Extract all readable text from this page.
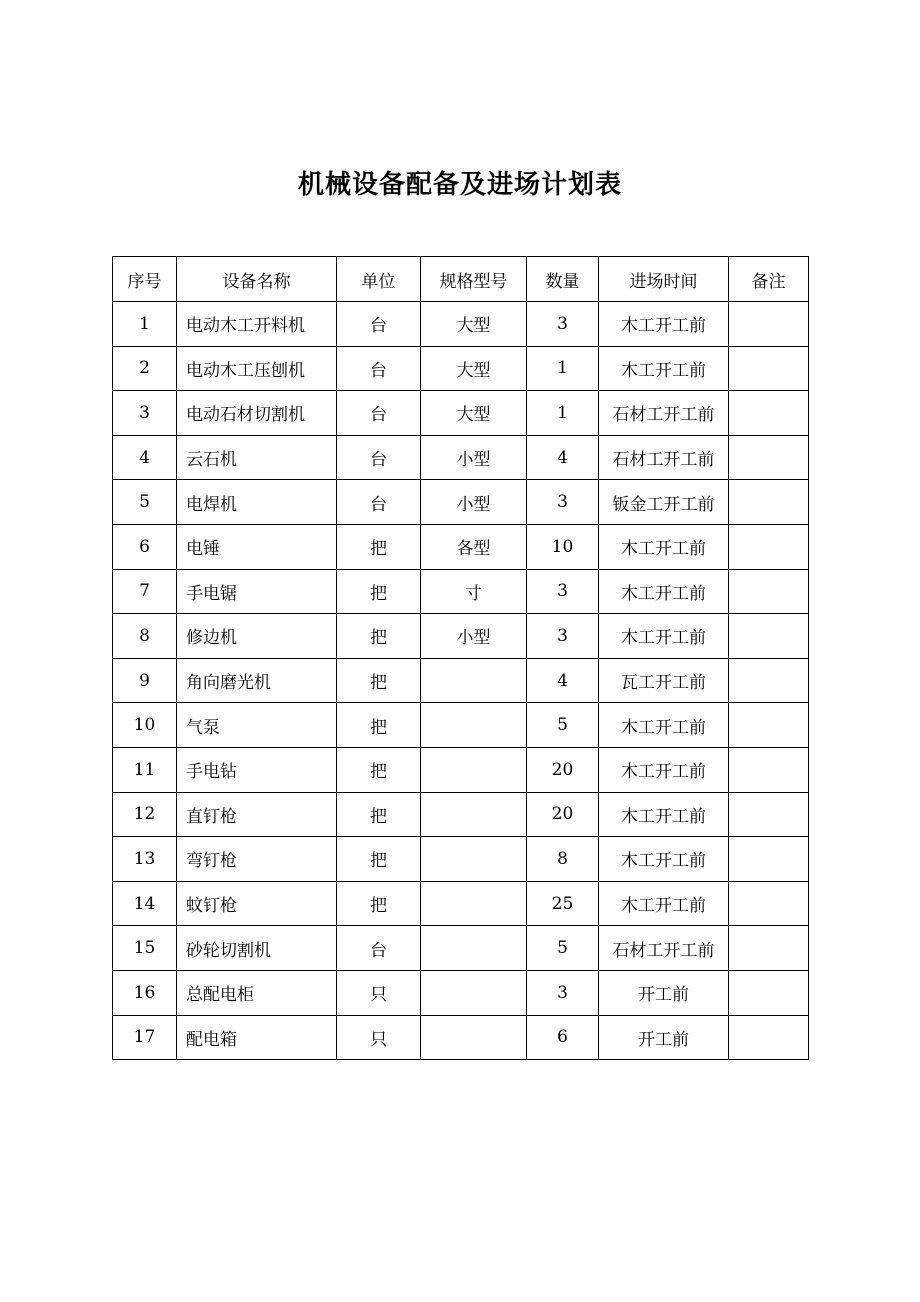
机械设备配备及进场计划表
序号	设备名称	单位	规格型号	数量	进场时间	备注
1	电动木工开料机	台	大型	3	木工开工前	
2	电动木工压刨机	台	大型	1	木工开工前	
3	电动石材切割机	台	大型	1	石材工开工前	
4	云石机	台	小型	4	石材工开工前	
5	电焊机	台	小型	3	钣金工开工前	
6	电锤	把	各型	10	木工开工前	
7	手电锯	把	寸	3	木工开工前	
8	修边机	把	小型	3	木工开工前	
9	角向磨光机	把		4	瓦工开工前	
10	气泵	把		5	木工开工前	
11	手电钻	把		20	木工开工前	
12	直钉枪	把		20	木工开工前	
13	弯钉枪	把		8	木工开工前	
14	蚊钉枪	把		25	木工开工前	
15	砂轮切割机	台		5	石材工开工前	
16	总配电柜	只		3	开工前	
17	配电箱	只		6	开工前	
